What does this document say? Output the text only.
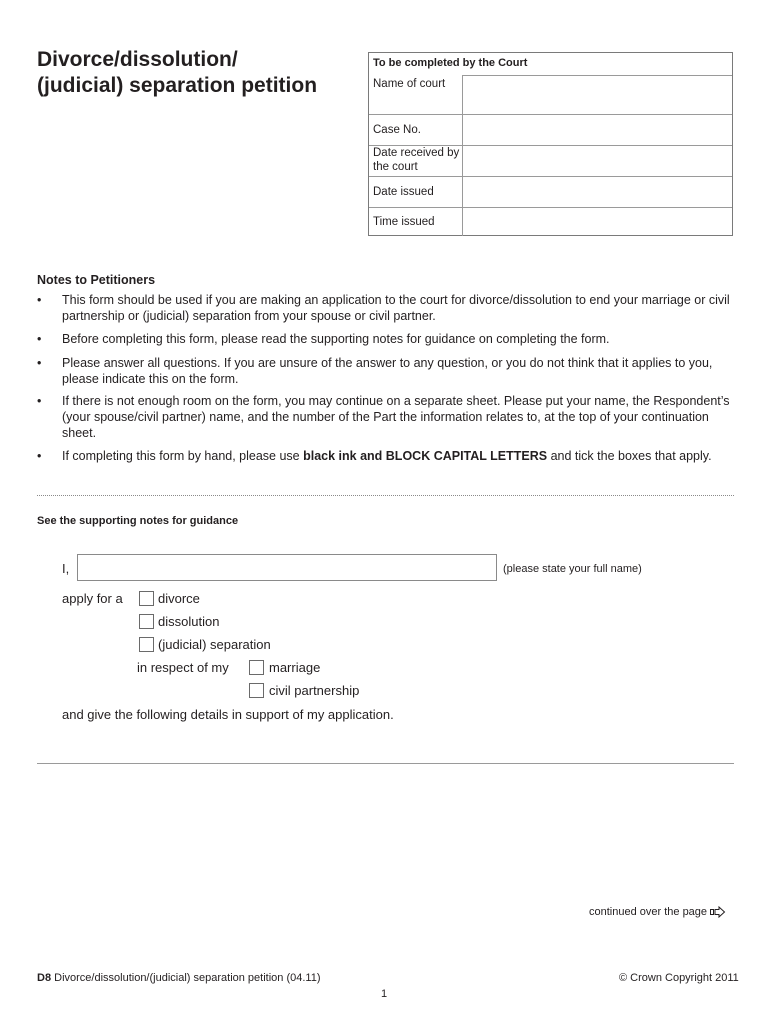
Divorce/dissolution/
(judicial) separation petition
To be completed by the Court
Name of court
Case No.
Date received by the court
Date issued
Time issued
Notes to Petitioners
• This form should be used if you are making an application to the court for divorce/dissolution to end your marriage or civil partnership or (judicial) separation from your spouse or civil partner.
• Before completing this form, please read the supporting notes for guidance on completing the form.
• Please answer all questions. If you are unsure of the answer to any question, or you do not think that it applies to you, please indicate this on the form.
• If there is not enough room on the form, you may continue on a separate sheet. Please put your name, the Respondent’s (your spouse/civil partner) name, and the number of the Part the information relates to, at the top of your continuation sheet.
• If completing this form by hand, please use black ink and BLOCK CAPITAL LETTERS and tick the boxes that apply.
See the supporting notes for guidance
I,	(please state your full name)
apply for a	divorce
dissolution
(judicial) separation
in respect of my	marriage
civil partnership
and give the following details in support of my application.
continued over the page
D8 Divorce/dissolution/(judicial) separation petition (04.11)	© Crown Copyright 2011
1
